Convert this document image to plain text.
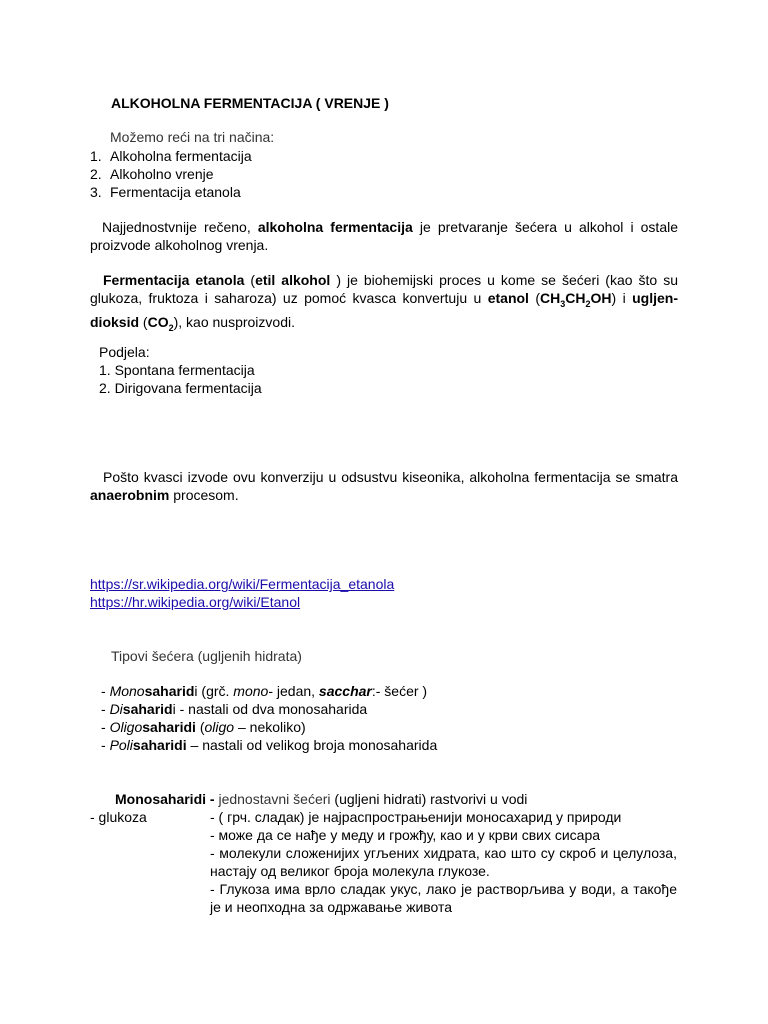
ALKOHOLNA FERMENTACIJA ( VRENJE )
Možemo reći na tri načina:
1. Alkoholna fermentacija
2. Alkoholno vrenje
3. Fermentacija etanola
Najjednostvnije rečeno, alkoholna fermentacija je pretvaranje šećera u alkohol i ostale proizvode alkoholnog vrenja.
Fermentacija etanola (etil alkohol ) je biohemijski proces u kome se šećeri (kao što su glukoza, fruktoza i saharoza) uz pomoć kvasca konvertuju u etanol $(CH_3CH_2OH)$ i ugljen-dioksid $(CO_2)$, kao nusproizvodi.
Podjela:
1. Spontana fermentacija
2. Dirigovana fermentacija
Pošto kvasci izvode ovu konverziju u odsustvu kiseonika, alkoholna fermentacija se smatra anaerobnim procesom.
https://sr.wikipedia.org/wiki/Fermentacija_etanola
https://hr.wikipedia.org/wiki/Etanol
Tipovi šećera (ugljenih hidrata)
- Monosaharidi (grč. mono- jedan, sacchar:- šećer )
- Disaharidi - nastali od dva monosaharida
- Oligosaharidi (oligo – nekoliko)
- Polisaharidi – nastali od velikog broja monosaharida
Monosaharidi - jednostavni šećeri (ugljeni hidrati) rastvorivi u vodi
- glukoza	- ( грч. сладак) je најраспрострањенији моносахарид у природи
- може да се нађе у меду и грожђу, као и у крви свих сисара
- молекули сложенијих угљених хидрата, као што су скроб и целулоза, настају од великог броја молекула глукозе.
- Глукоза има врло сладак укус, лако је растворљива у води, а такође је и неопходна за одржавање живота
